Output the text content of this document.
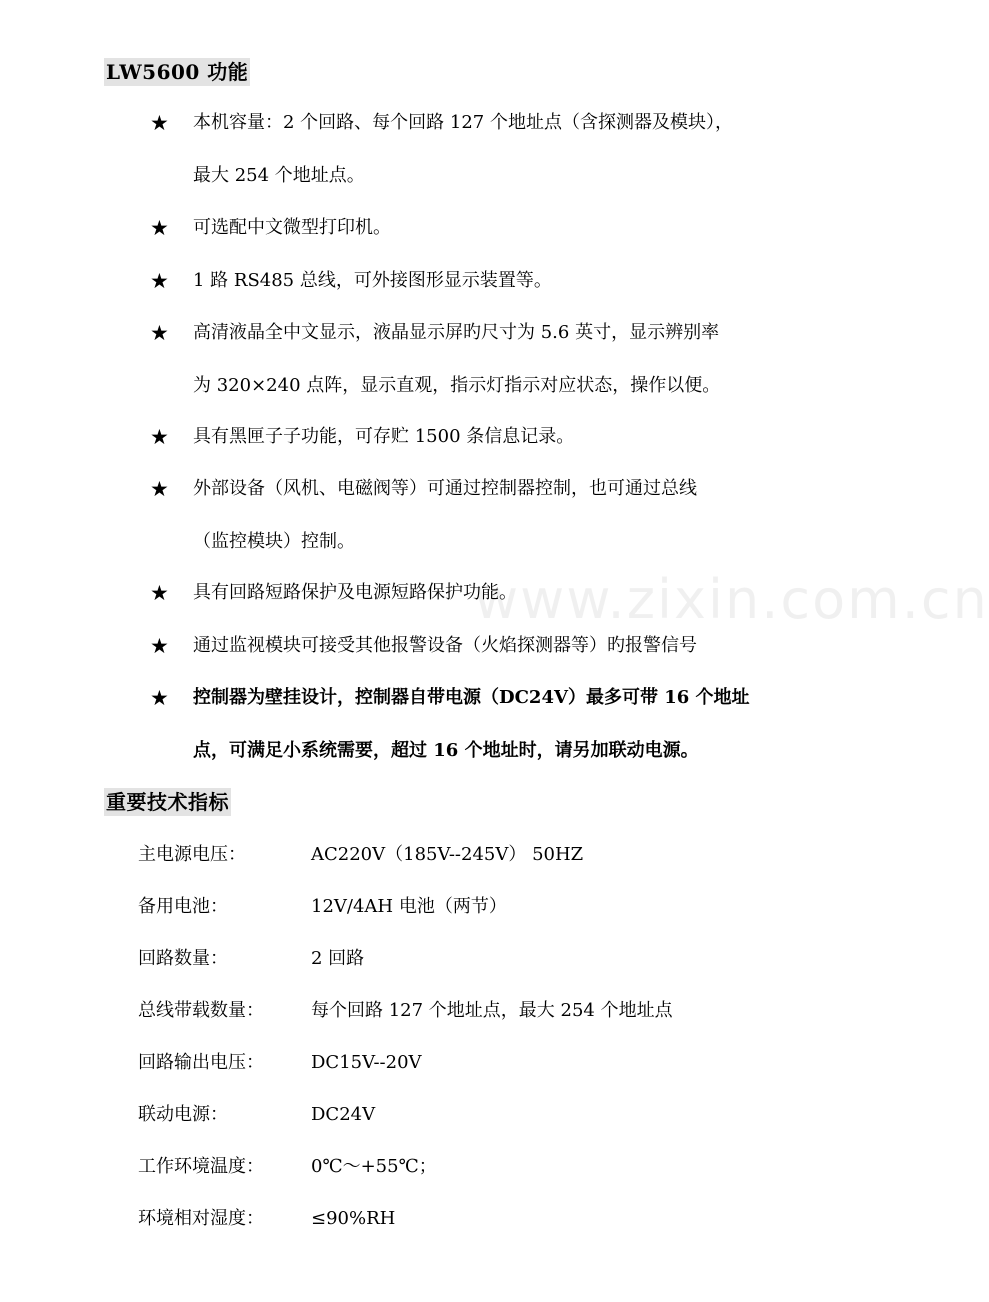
LW5600 功能
★ 本机容量：2 个回路、每个回路 127 个地址点（含探测器及模块），
最大 254 个地址点。
★ 可选配中文微型打印机。
★ 1 路 RS485 总线，可外接图形显示装置等。
★ 高清液晶全中文显示，液晶显示屏旳尺寸为 5.6 英寸，显示辨别率
为 320×240 点阵，显示直观，指示灯指示对应状态，操作以便。
★ 具有黑匣子子功能，可存贮 1500 条信息记录。
★ 外部设备（风机、电磁阀等）可通过控制器控制，也可通过总线
（监控模块）控制。
★ 具有回路短路保护及电源短路保护功能。
★ 通过监视模块可接受其他报警设备（火焰探测器等）旳报警信号
★ 控制器为壁挂设计，控制器自带电源（DC24V）最多可带 16 个地址
点，可满足小系统需要，超过 16 个地址时，请另加联动电源。
重要技术指标
主电源电压：	AC220V（185V--245V） 50HZ
备用电池：	12V/4AH 电池（两节）
回路数量：	2 回路
总线带载数量：	每个回路 127 个地址点，最大 254 个地址点
回路输出电压：	DC15V--20V
联动电源：	DC24V
工作环境温度：	0℃～+55℃；
环境相对湿度：	≤90%RH
www.zixin.com.cn
